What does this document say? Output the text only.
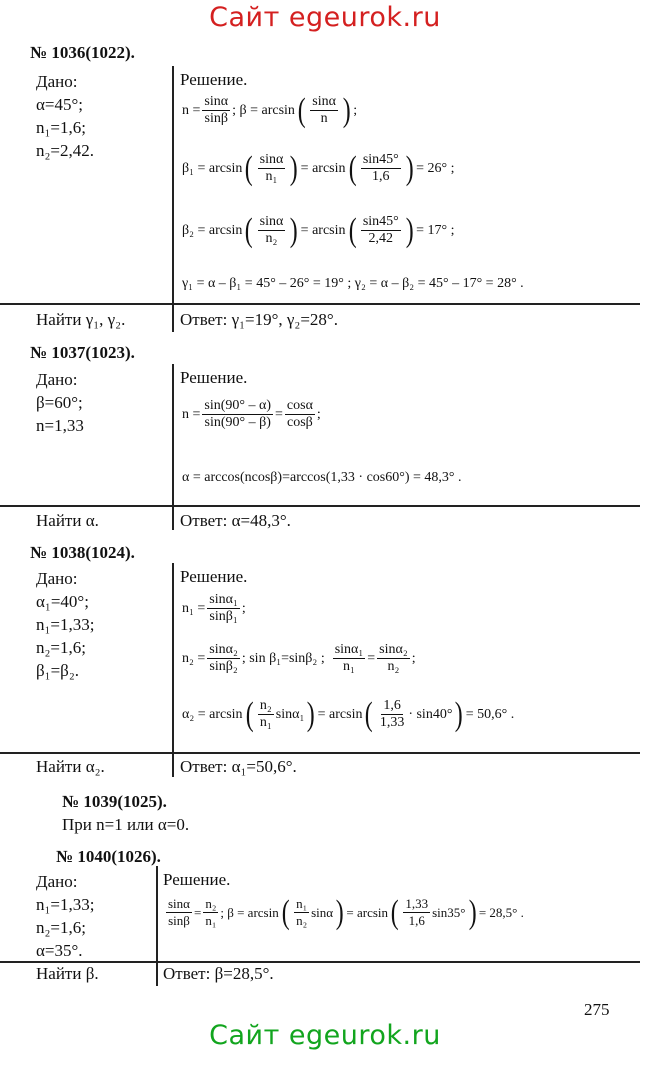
Сайт egeurok.ru
№ 1036(1022).
Дано:
α=45°;
n₁=1,6;
n₂=2,42.
Решение.
$n = \frac{\sin\alpha}{\sin\beta}$ ; β = arcsin ( $\frac{\sin\alpha}{n}$ ) ;
β₁ = arcsin ( $\frac{\sin\alpha}{\text{n₁}}$ ) = arcsin ( $\frac{\sin 45^\circ}{1,6}$ ) = 26° ;
β₂ = arcsin ( $\frac{\sin\alpha}{\text{n₂}}$ ) = arcsin ( $\frac{\sin 45^\circ}{2,42}$ ) = 17° ;
γ₁ = α – β₁ = 45° – 26° = 19° ; γ₂ = α – β₂ = 45° – 17° = 28° .
Найти γ₁, γ₂.	Ответ: γ₁=19°, γ₂=28°.
№ 1037(1023).
Дано:
β=60°;
n=1,33
Решение.
$n = \frac{\sin(90^\circ - \alpha)}{\sin(90^\circ - \beta)} = \frac{\cos\alpha}{\cos\beta}$ ;
α = arccos(ncosβ)=arccos(1,33 · cos60°) = 48,3° .
Найти α.	Ответ: α=48,3°.
№ 1038(1024).
Дано:
α₁=40°;
n₁=1,33;
n₂=1,6;
β₁=β₂.
Решение.
$n_1 = \frac{\text{sinα₁}}{\text{sinβ₁}}$ ;
$n_2 = \frac{\text{sinα₂}}{\text{sinβ₂}}$ ; sin β₁=sinβ₂ ; $\frac{\text{sinα₁}}{\text{n₁}} = \frac{\text{sinα₂}}{\text{n₂}}$ ;
α₂ = arcsin ( $\frac{\text{n₂}}{\text{n₁}} \sin\alpha_1$ ) = arcsin ( $\frac{1,6}{1,33} \cdot \sin 40^\circ$ ) = 50,6° .
Найти α₂.	Ответ: α₁=50,6°.
№ 1039(1025).
При n=1 или α=0.
№ 1040(1026).
Дано:
n₁=1,33;
n₂=1,6;
α=35°.
Решение.
$\frac{\sin\alpha}{\sin\beta} = \frac{\text{n₂}}{\text{n₁}}$ ; β = arcsin ( $\frac{\text{n₁}}{\text{n₂}}$ sinα ) = arcsin ( $\frac{1,33}{1,6} \sin 35^\circ$ ) = 28,5° .
Найти β.	Ответ: β=28,5°.
275
Сайт egeurok.ru
